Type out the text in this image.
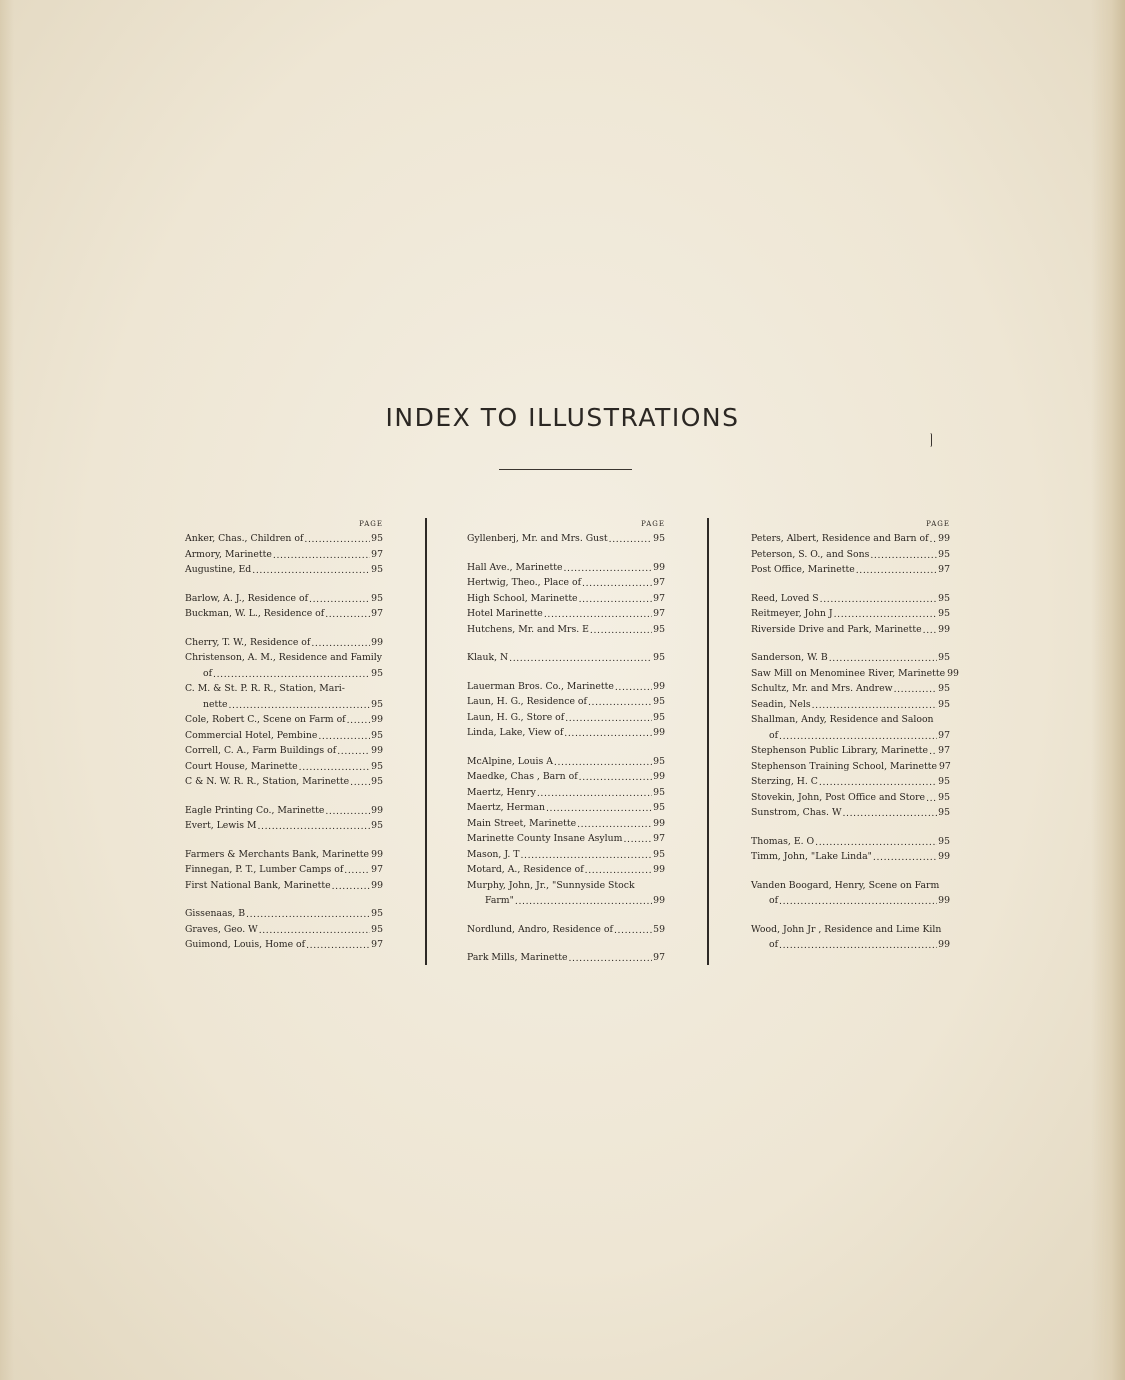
INDEX TO ILLUSTRATIONS
PAGE
Anker, Chas., Children of .....	95
Armory, Marinette .....	97
Augustine, Ed .....	95
Barlow, A. J., Residence of .....	95
Buckman, W. L., Residence of .....	97
Cherry, T. W., Residence of .....	99
Christenson, A. M., Residence and Family
of .....	95
C. M. & St. P. R. R., Station, Mari-
nette .....	95
Cole, Robert C., Scene on Farm of .....	99
Commercial Hotel, Pembine .....	95
Correll, C. A., Farm Buildings of .....	99
Court House, Marinette .....	95
C & N. W. R. R., Station, Marinette ..... 95
Eagle Printing Co., Marinette .....	99
Evert, Lewis M .....	95
Farmers & Merchants Bank, Marinette ..... 99
Finnegan, P. T., Lumber Camps of .....	97
First National Bank, Marinette .....	99
Gissenaas, B .....	95
Graves, Geo. W .....	95
Guimond, Louis, Home of .....	97
PAGE
Gyllenberj, Mr. and Mrs. Gust .....	95
Hall Ave., Marinette .....	99
Hertwig, Theo., Place of .....	97
High School, Marinette .....	97
Hotel Marinette .....	97
Hutchens, Mr. and Mrs. E .....	95
Klauk, N .....	95
Lauerman Bros. Co., Marinette .....	99
Laun, H. G., Residence of .....	95
Laun, H. G., Store of .....	95
Linda, Lake, View of .....	99
McAlpine, Louis A .....	95
Maedke, Chas , Barn of .....	99
Maertz, Henry .....	95
Maertz, Herman .....	95
Main Street, Marinette .....	99
Marinette County Insane Asylum .....	97
Mason, J. T .....	95
Motard, A., Residence of .....	99
Murphy, John, Jr., "Sunnyside Stock
Farm" .....	99
Nordlund, Andro, Residence of .....	59
Park Mills, Marinette .....	97
PAGE
Peters, Albert, Residence and Barn of ..... 99
Peterson, S. O., and Sons .....	95
Post Office, Marinette .....	97
Reed, Loved S .....	95
Reitmeyer, John J .....	95
Riverside Drive and Park, Marinette ..... 99
Sanderson, W. B .....	95
Saw Mill on Menominee River, Marinette 99
Schultz, Mr. and Mrs. Andrew .....	95
Seadin, Nels .....	95
Shallman, Andy, Residence and Saloon
of .....	97
Stephenson Public Library, Marinette ..... 97
Stephenson Training School, Marinette 97
Sterzing, H. C .....	95
Stovekin, John, Post Office and Store ..... 95
Sunstrom, Chas. W .....	95
Thomas, E. O .....	95
Timm, John, "Lake Linda" .....	99
Vanden Boogard, Henry, Scene on Farm
of .....	99
Wood, John Jr , Residence and Lime Kiln
of .....	99
